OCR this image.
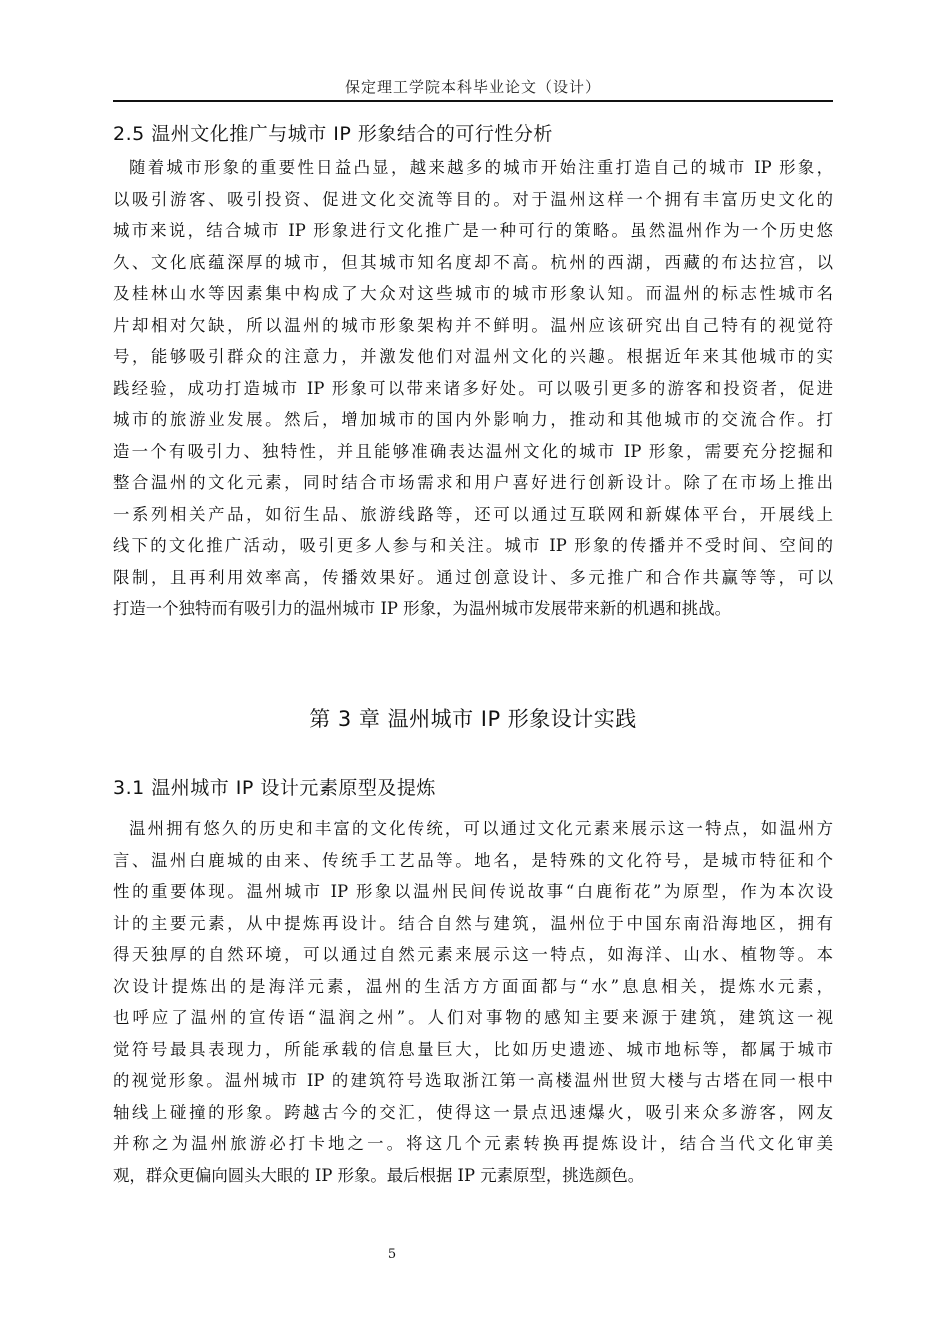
保定理工学院本科毕业论文（设计）
2.5 温州文化推广与城市 IP 形象结合的可行性分析
随着城市形象的重要性日益凸显，越来越多的城市开始注重打造自己的城市 IP 形象，
以吸引游客、吸引投资、促进文化交流等目的。对于温州这样一个拥有丰富历史文化的
城市来说，结合城市 IP 形象进行文化推广是一种可行的策略。虽然温州作为一个历史悠
久、文化底蕴深厚的城市，但其城市知名度却不高。杭州的西湖，西藏的布达拉宫，以
及桂林山水等因素集中构成了大众对这些城市的城市形象认知。而温州的标志性城市名
片却相对欠缺，所以温州的城市形象架构并不鲜明。温州应该研究出自己特有的视觉符
号，能够吸引群众的注意力，并激发他们对温州文化的兴趣。根据近年来其他城市的实
践经验，成功打造城市 IP 形象可以带来诸多好处。可以吸引更多的游客和投资者，促进
城市的旅游业发展。然后，增加城市的国内外影响力，推动和其他城市的交流合作。打
造一个有吸引力、独特性，并且能够准确表达温州文化的城市 IP 形象，需要充分挖掘和
整合温州的文化元素，同时结合市场需求和用户喜好进行创新设计。除了在市场上推出
一系列相关产品，如衍生品、旅游线路等，还可以通过互联网和新媒体平台，开展线上
线下的文化推广活动，吸引更多人参与和关注。城市 IP 形象的传播并不受时间、空间的
限制，且再利用效率高，传播效果好。通过创意设计、多元推广和合作共赢等等，可以
打造一个独特而有吸引力的温州城市 IP 形象，为温州城市发展带来新的机遇和挑战。
第 3 章 温州城市 IP 形象设计实践
3.1 温州城市 IP 设计元素原型及提炼
温州拥有悠久的历史和丰富的文化传统，可以通过文化元素来展示这一特点，如温州方
言、温州白鹿城的由来、传统手工艺品等。地名，是特殊的文化符号，是城市特征和个
性的重要体现。温州城市 IP 形象以温州民间传说故事“白鹿衔花”为原型，作为本次设
计的主要元素，从中提炼再设计。结合自然与建筑，温州位于中国东南沿海地区，拥有
得天独厚的自然环境，可以通过自然元素来展示这一特点，如海洋、山水、植物等。本
次设计提炼出的是海洋元素，温州的生活方方面面都与“水”息息相关，提炼水元素，
也呼应了温州的宣传语“温润之州”。人们对事物的感知主要来源于建筑，建筑这一视
觉符号最具表现力，所能承载的信息量巨大，比如历史遗迹、城市地标等，都属于城市
的视觉形象。温州城市 IP 的建筑符号选取浙江第一高楼温州世贸大楼与古塔在同一根中
轴线上碰撞的形象。跨越古今的交汇，使得这一景点迅速爆火，吸引来众多游客，网友
并称之为温州旅游必打卡地之一。将这几个元素转换再提炼设计，结合当代文化审美
观，群众更偏向圆头大眼的 IP 形象。最后根据 IP 元素原型，挑选颜色。
5
